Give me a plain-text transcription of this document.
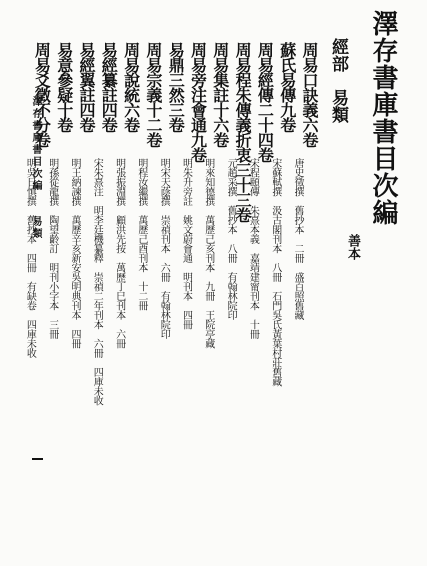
澤存書庫書目次編
善本
經部　易類
周易口訣義六卷
唐史徵撰　舊抄本　二冊　盛百照舊藏
蘇氏易傳九卷
宋蘇軾撰　汲古閣刊本　八冊　石門吳氏黃葉村莊舊藏
周易經傳二十四卷
宋程頤傳　朱熹本義　嘉靖建甯刊本　十冊
周易程朱傳義折衷三十三卷
元趙采撰　舊抄本　八冊　有翰林院印
周易集註十六卷
明來知德撰　萬歷己亥刊本　九冊　王院亭藏
周易旁注會通九卷
明朱升旁註　姚文蔚會通　明刊本　四冊
易鼎三然三卷
明宋天蔭撰　崇禎刊本　六冊　有翰林院印
周易宗義十二卷
明程汝繼撰　萬歷己酉刊本　十二冊
周易說統六卷
明張振淵撰　顧洪先按　萬歷丁巳刊本　六冊
易經纂註四卷
宋朱熹注　明李廷機纂釋　崇禎二年刊本　六冊　四庫未收
易經翼註四卷
明王納諫撰　萬歷辛亥新安吳明典刊本　四冊
易意參疑十卷
明孫從龍撰　陶望齡訂　明刊小字本　三冊
周易爻徵不分卷
明吳日慎撰　舊抄本　四冊　有缺卷　四庫未收
澤存書庫書目次編　　易類
